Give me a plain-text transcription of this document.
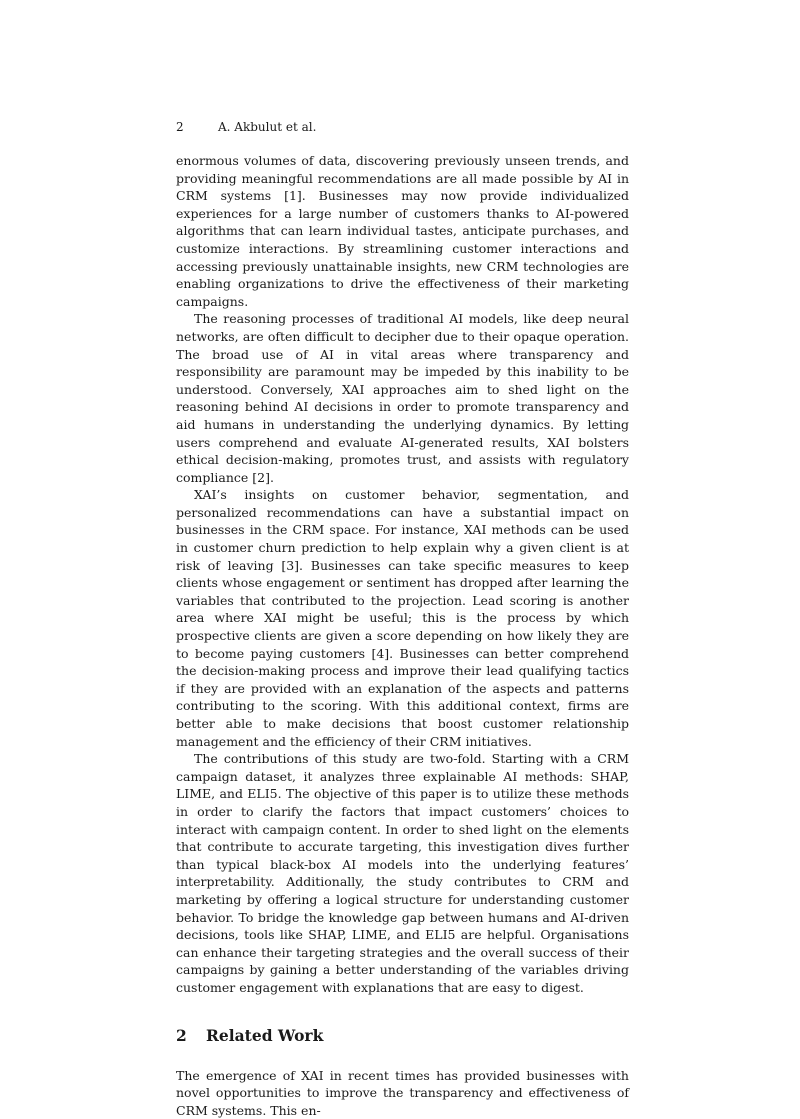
2	A. Akbulut et al.

enormous volumes of data, discovering previously unseen trends, and providing meaningful recommendations are all made possible by AI in CRM systems [1]. Businesses may now provide individualized experiences for a large number of customers thanks to AI-powered algorithms that can learn individual tastes, anticipate purchases, and customize interactions. By streamlining customer interactions and accessing previously unattainable insights, new CRM technologies are enabling organizations to drive the effectiveness of their marketing campaigns.

The reasoning processes of traditional AI models, like deep neural networks, are often difficult to decipher due to their opaque operation. The broad use of AI in vital areas where transparency and responsibility are paramount may be impeded by this inability to be understood. Conversely, XAI approaches aim to shed light on the reasoning behind AI decisions in order to promote transparency and aid humans in understanding the underlying dynamics. By letting users comprehend and evaluate AI-generated results, XAI bolsters ethical decision-making, promotes trust, and assists with regulatory compliance [2].

XAI’s insights on customer behavior, segmentation, and personalized recommendations can have a substantial impact on businesses in the CRM space. For instance, XAI methods can be used in customer churn prediction to help explain why a given client is at risk of leaving [3]. Businesses can take specific measures to keep clients whose engagement or sentiment has dropped after learning the variables that contributed to the projection. Lead scoring is another area where XAI might be useful; this is the process by which prospective clients are given a score depending on how likely they are to become paying customers [4]. Businesses can better comprehend the decision-making process and improve their lead qualifying tactics if they are provided with an explanation of the aspects and patterns contributing to the scoring. With this additional context, firms are better able to make decisions that boost customer relationship management and the efficiency of their CRM initiatives.

The contributions of this study are two-fold. Starting with a CRM campaign dataset, it analyzes three explainable AI methods: SHAP, LIME, and ELI5. The objective of this paper is to utilize these methods in order to clarify the factors that impact customers’ choices to interact with campaign content. In order to shed light on the elements that contribute to accurate targeting, this investigation dives further than typical black-box AI models into the underlying features’ interpretability. Additionally, the study contributes to CRM and marketing by offering a logical structure for understanding customer behavior. To bridge the knowledge gap between humans and AI-driven decisions, tools like SHAP, LIME, and ELI5 are helpful. Organisations can enhance their targeting strategies and the overall success of their campaigns by gaining a better understanding of the variables driving customer engagement with explanations that are easy to digest.

2 Related Work

The emergence of XAI in recent times has provided businesses with novel opportunities to improve the transparency and effectiveness of CRM systems. This en-
